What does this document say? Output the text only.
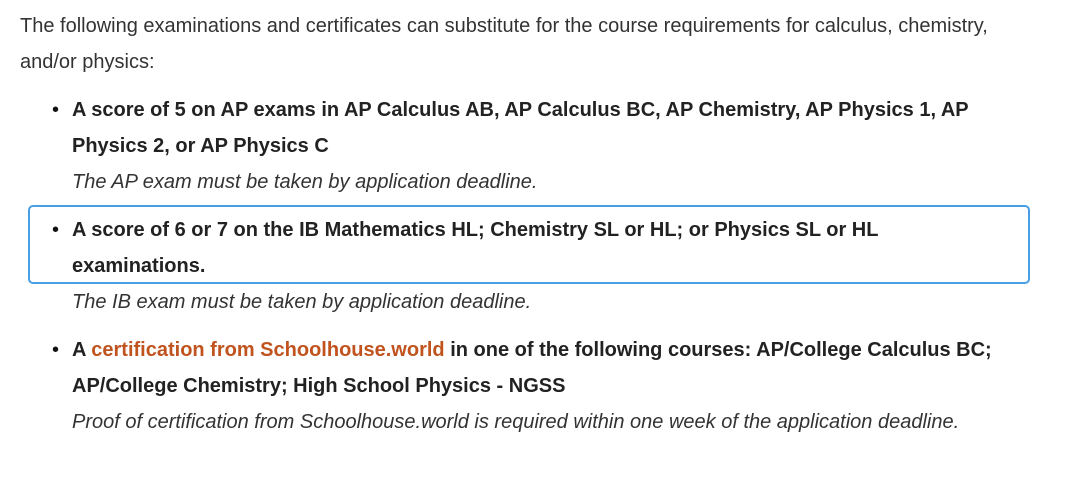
The following examinations and certificates can substitute for the course requirements for calculus, chemistry, and/or physics:

• A score of 5 on AP exams in AP Calculus AB, AP Calculus BC, AP Chemistry, AP Physics 1, AP Physics 2, or AP Physics C

The AP exam must be taken by application deadline.

• A score of 6 or 7 on the IB Mathematics HL; Chemistry SL or HL; or Physics SL or HL examinations.

The IB exam must be taken by application deadline.

• A certification from Schoolhouse.world in one of the following courses: AP/College Calculus BC; AP/College Chemistry; High School Physics - NGSS

Proof of certification from Schoolhouse.world is required within one week of the application deadline.
